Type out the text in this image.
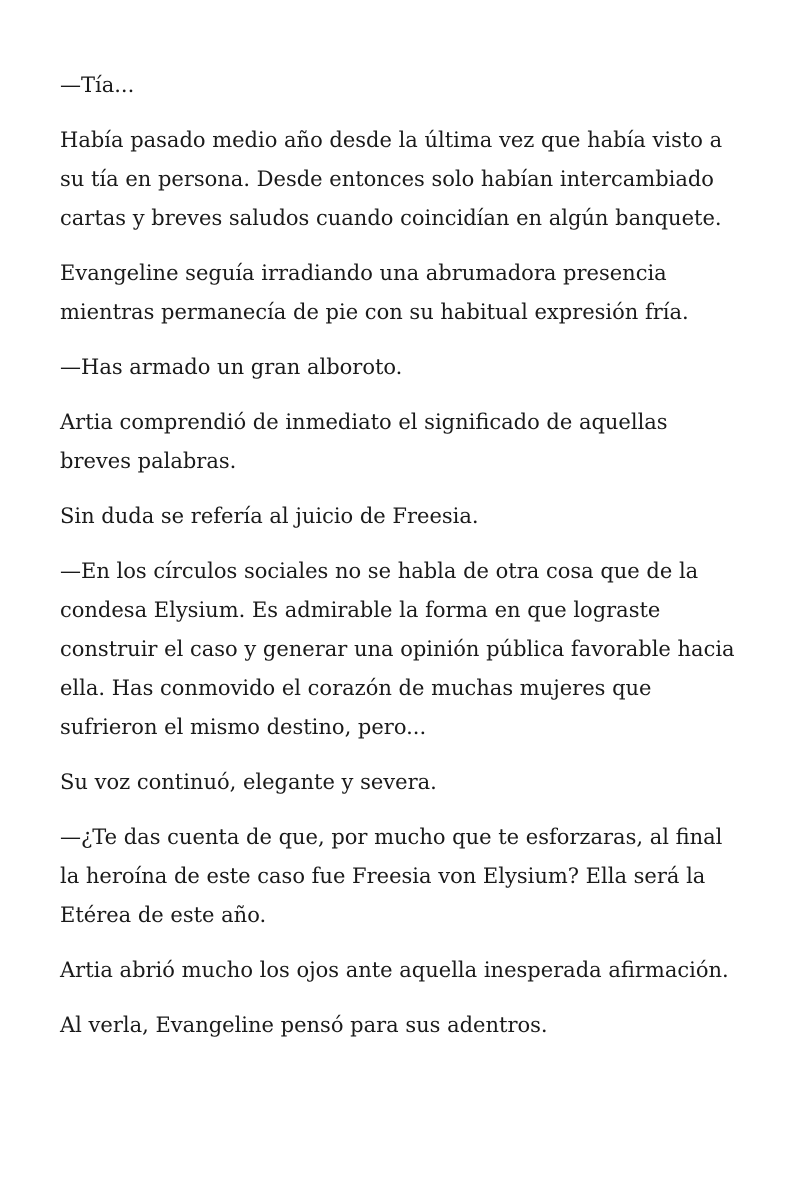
—Tía...

Había pasado medio año desde la última vez que había visto a su tía en persona. Desde entonces solo habían intercambiado cartas y breves saludos cuando coincidían en algún banquete.

Evangeline seguía irradiando una abrumadora presencia mientras permanecía de pie con su habitual expresión fría.

—Has armado un gran alboroto.

Artia comprendió de inmediato el significado de aquellas breves palabras.

Sin duda se refería al juicio de Freesia.

—En los círculos sociales no se habla de otra cosa que de la condesa Elysium. Es admirable la forma en que lograste construir el caso y generar una opinión pública favorable hacia ella. Has conmovido el corazón de muchas mujeres que sufrieron el mismo destino, pero...

Su voz continuó, elegante y severa.

—¿Te das cuenta de que, por mucho que te esforzaras, al final la heroína de este caso fue Freesia von Elysium? Ella será la Etérea de este año.

Artia abrió mucho los ojos ante aquella inesperada afirmación.

Al verla, Evangeline pensó para sus adentros.
